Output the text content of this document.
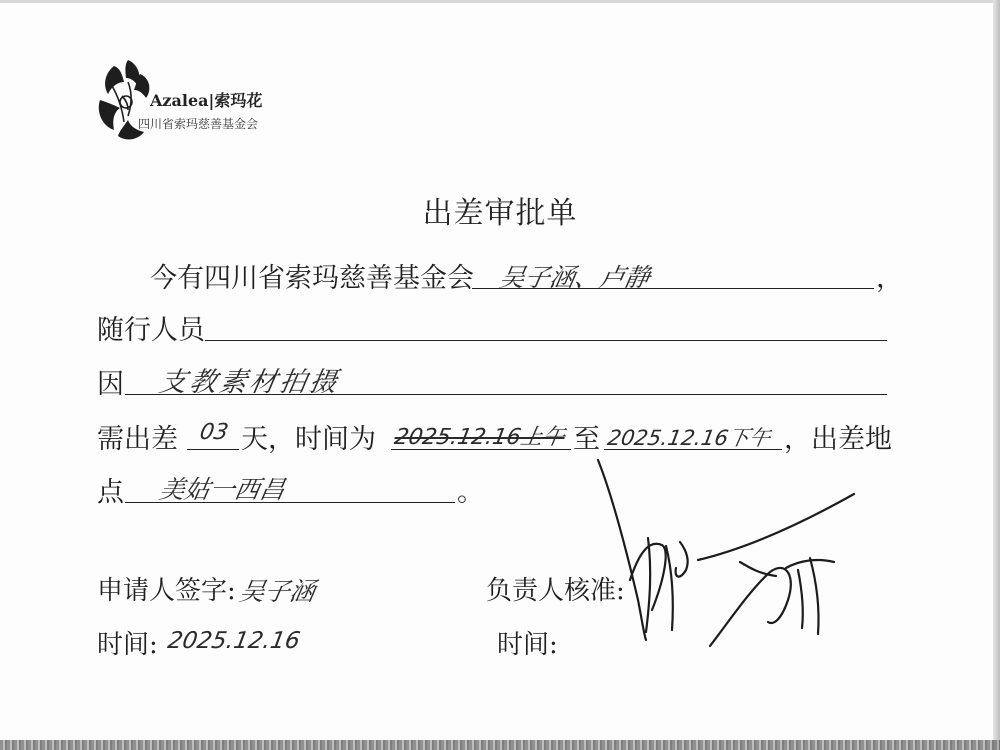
Azalea|索玛花
四川省索玛慈善基金会
出差审批单
今有四川省索玛慈善基金会 吴子涵、卢静	，
随行人员
因 支教素材拍摄
需出差 03 天，时间为 2025.12.16上午 至 2025.12.16下午 ，出差地
点 美姑一西昌	。
申请人签字: 吴子涵	负责人核准:
时间: 2025.12.16	时间:
